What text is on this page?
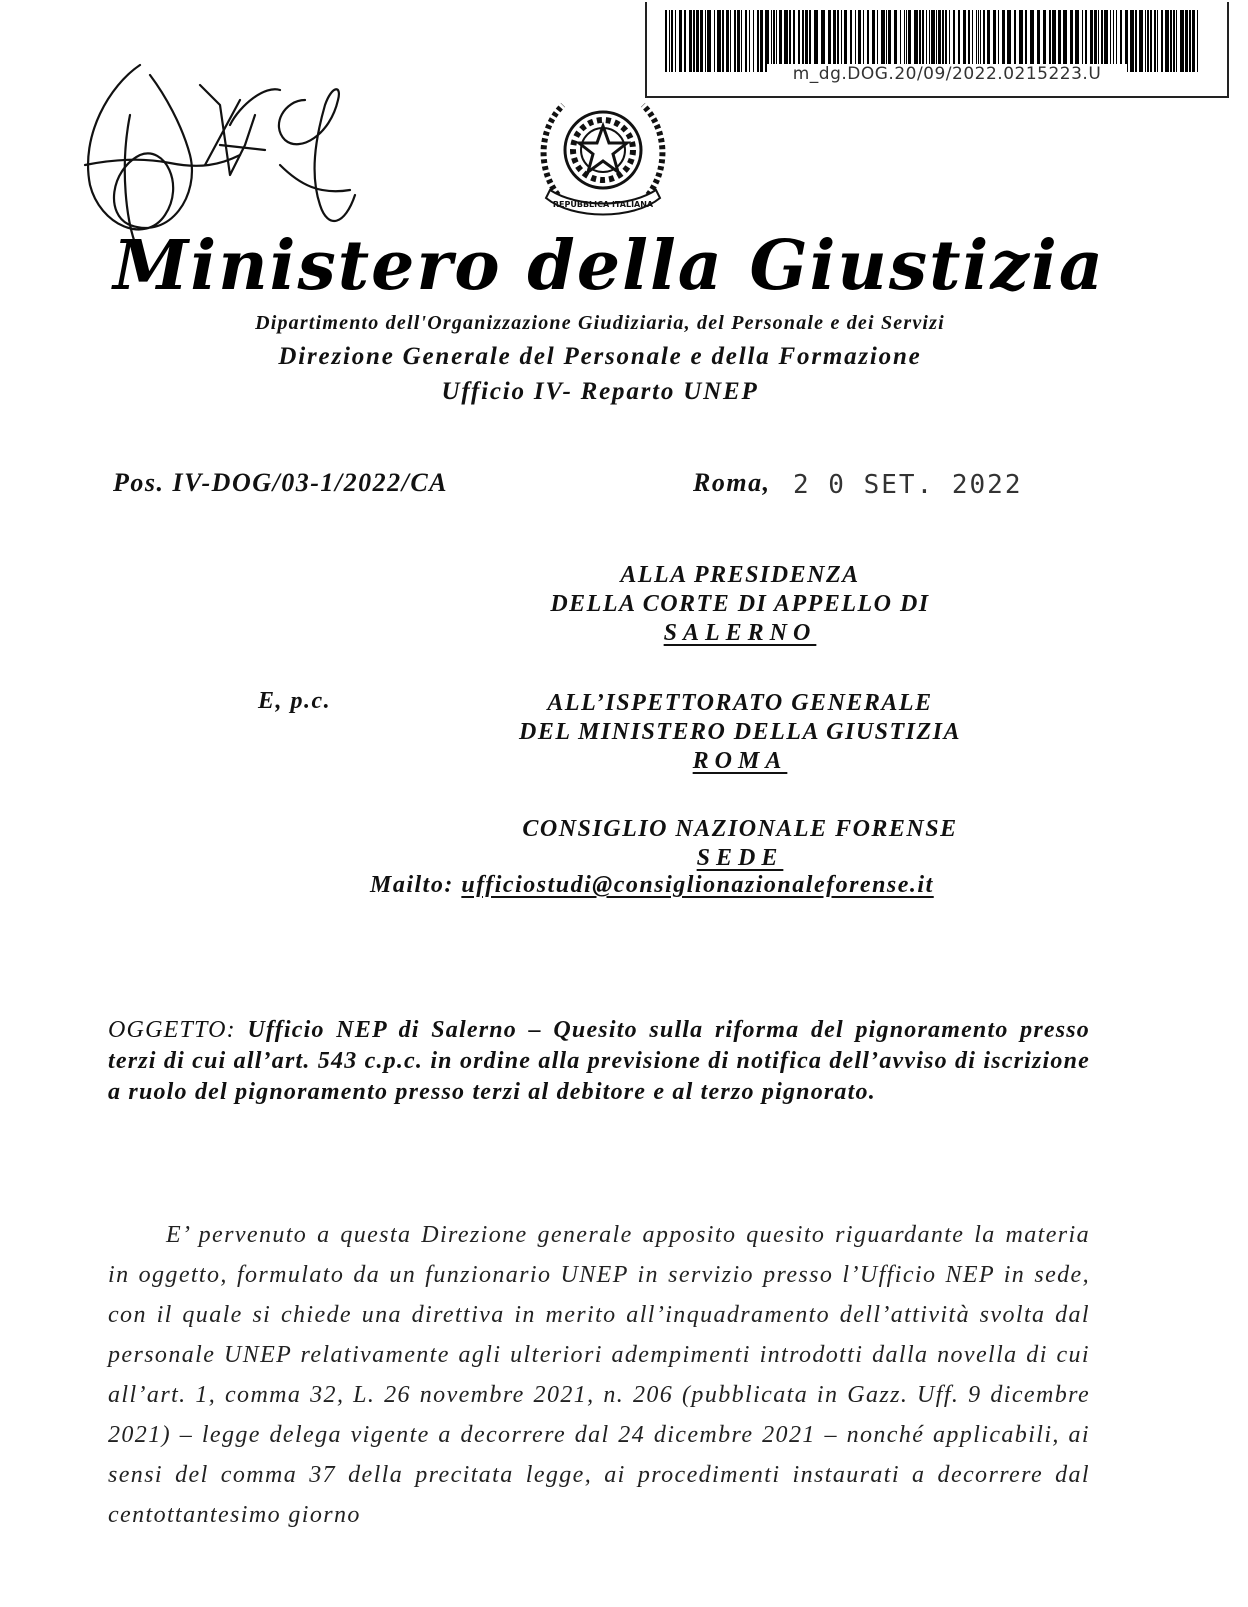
m_dg.DOG.20/09/2022.0215223.U
REPUBBLICA ITALIANA
Ministero della Giustizia
Dipartimento dell'Organizzazione Giudiziaria, del Personale e dei Servizi
Direzione Generale del Personale e della Formazione
Ufficio IV- Reparto UNEP
Pos. IV-DOG/03-1/2022/CA	Roma, 2 0 SET. 2022
ALLA PRESIDENZA
DELLA CORTE DI APPELLO DI
SALERNO
E, p.c.	ALL’ISPETTORATO GENERALE
DEL MINISTERO DELLA GIUSTIZIA
ROMA
CONSIGLIO NAZIONALE FORENSE
SEDE
Mailto: ufficiostudi@consiglionazionaleforense.it
OGGETTO: Ufficio NEP di Salerno – Quesito sulla riforma del pignoramento presso terzi di cui all’art. 543 c.p.c. in ordine alla previsione di notifica dell’avviso di iscrizione a ruolo del pignoramento presso terzi al debitore e al terzo pignorato.
E’ pervenuto a questa Direzione generale apposito quesito riguardante la materia in oggetto, formulato da un funzionario UNEP in servizio presso l’Ufficio NEP in sede, con il quale si chiede una direttiva in merito all’inquadramento dell’attività svolta dal personale UNEP relativamente agli ulteriori adempimenti introdotti dalla novella di cui all’art. 1, comma 32, L. 26 novembre 2021, n. 206 (pubblicata in Gazz. Uff. 9 dicembre 2021) – legge delega vigente a decorrere dal 24 dicembre 2021 – nonché applicabili, ai sensi del comma 37 della precitata legge, ai procedimenti instaurati a decorrere dal centottantesimo giorno
